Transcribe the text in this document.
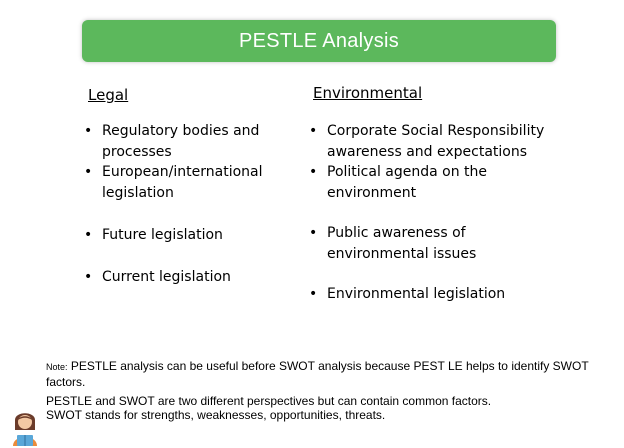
PESTLE Analysis
Legal
• Regulatory bodies and processes
• European/international legislation
• Future legislation
• Current legislation
Environmental
• Corporate Social Responsibility awareness and expectations
• Political agenda on the environment
• Public awareness of environmental issues
• Environmental legislation
Note: PESTLE analysis can be useful before SWOT analysis because PEST LE helps to identify SWOT factors.
PESTLE and SWOT are two different perspectives but can contain common factors.
SWOT stands for strengths, weaknesses, opportunities, threats.
